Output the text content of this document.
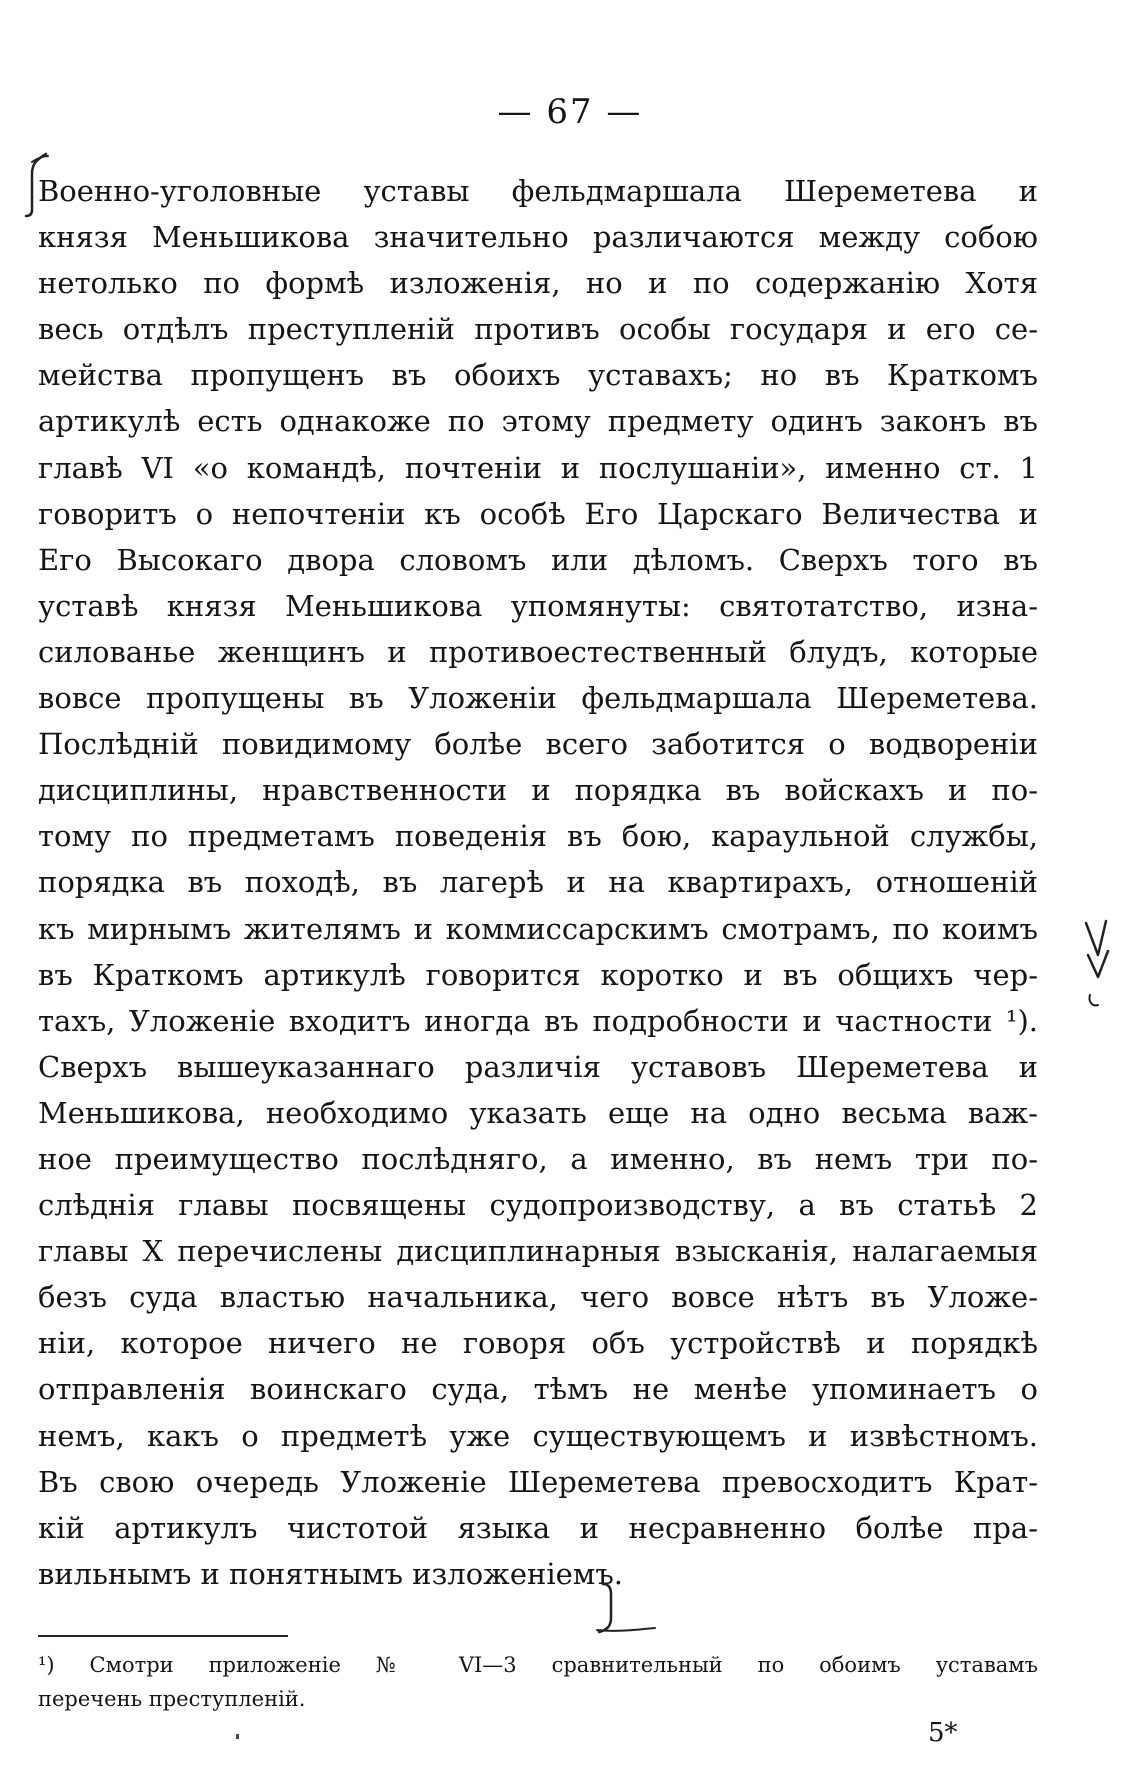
— 67 —
Военно-уголовные уставы фельдмаршала Шереметева и
князя Меньшикова значительно различаются между собою
нетолько по формѣ изложенія, но и по содержанію Хотя
весь отдѣлъ преступленій противъ особы государя и его се-
мейства пропущенъ въ обоихъ уставахъ; но въ Краткомъ
артикулѣ есть однакоже по этому предмету одинъ законъ въ
главѣ VI «о командѣ, почтеніи и послушаніи», именно ст. 1
говоритъ о непочтеніи къ особѣ Его Царскаго Величества и
Его Высокаго двора словомъ или дѣломъ. Сверхъ того въ
уставѣ князя Меньшикова упомянуты: святотатство, изна-
силованье женщинъ и противоестественный блудъ, которые
вовсе пропущены въ Уложеніи фельдмаршала Шереметева.
Послѣдній повидимому болѣе всего заботится о водвореніи
дисциплины, нравственности и порядка въ войскахъ и по-
тому по предметамъ поведенія въ бою, караульной службы,
порядка въ походѣ, въ лагерѣ и на квартирахъ, отношеній
къ мирнымъ жителямъ и коммиссарскимъ смотрамъ, по коимъ
въ Краткомъ артикулѣ говорится коротко и въ общихъ чер-
тахъ, Уложеніе входитъ иногда въ подробности и частности ¹).
Сверхъ вышеуказаннаго различія уставовъ Шереметева и
Меньшикова, необходимо указать еще на одно весьма важ-
ное преимущество послѣдняго, а именно, въ немъ три по-
слѣднія главы посвящены судопроизводству, а въ статьѣ 2
главы X перечислены дисциплинарныя взысканія, налагаемыя
безъ суда властью начальника, чего вовсе нѣтъ въ Уложе-
ніи, которое ничего не говоря объ устройствѣ и порядкѣ
отправленія воинскаго суда, тѣмъ не менѣе упоминаетъ о
немъ, какъ о предметѣ уже существующемъ и извѣстномъ.
Въ свою очередь Уложеніе Шереметева превосходитъ Крат-
кій артикулъ чистотой языка и несравненно болѣе пра-
вильнымъ и понятнымъ изложеніемъ.
¹) Смотри приложеніе № VI—3 сравнительный по обоимъ уставамъ
перечень преступленій.
5*
